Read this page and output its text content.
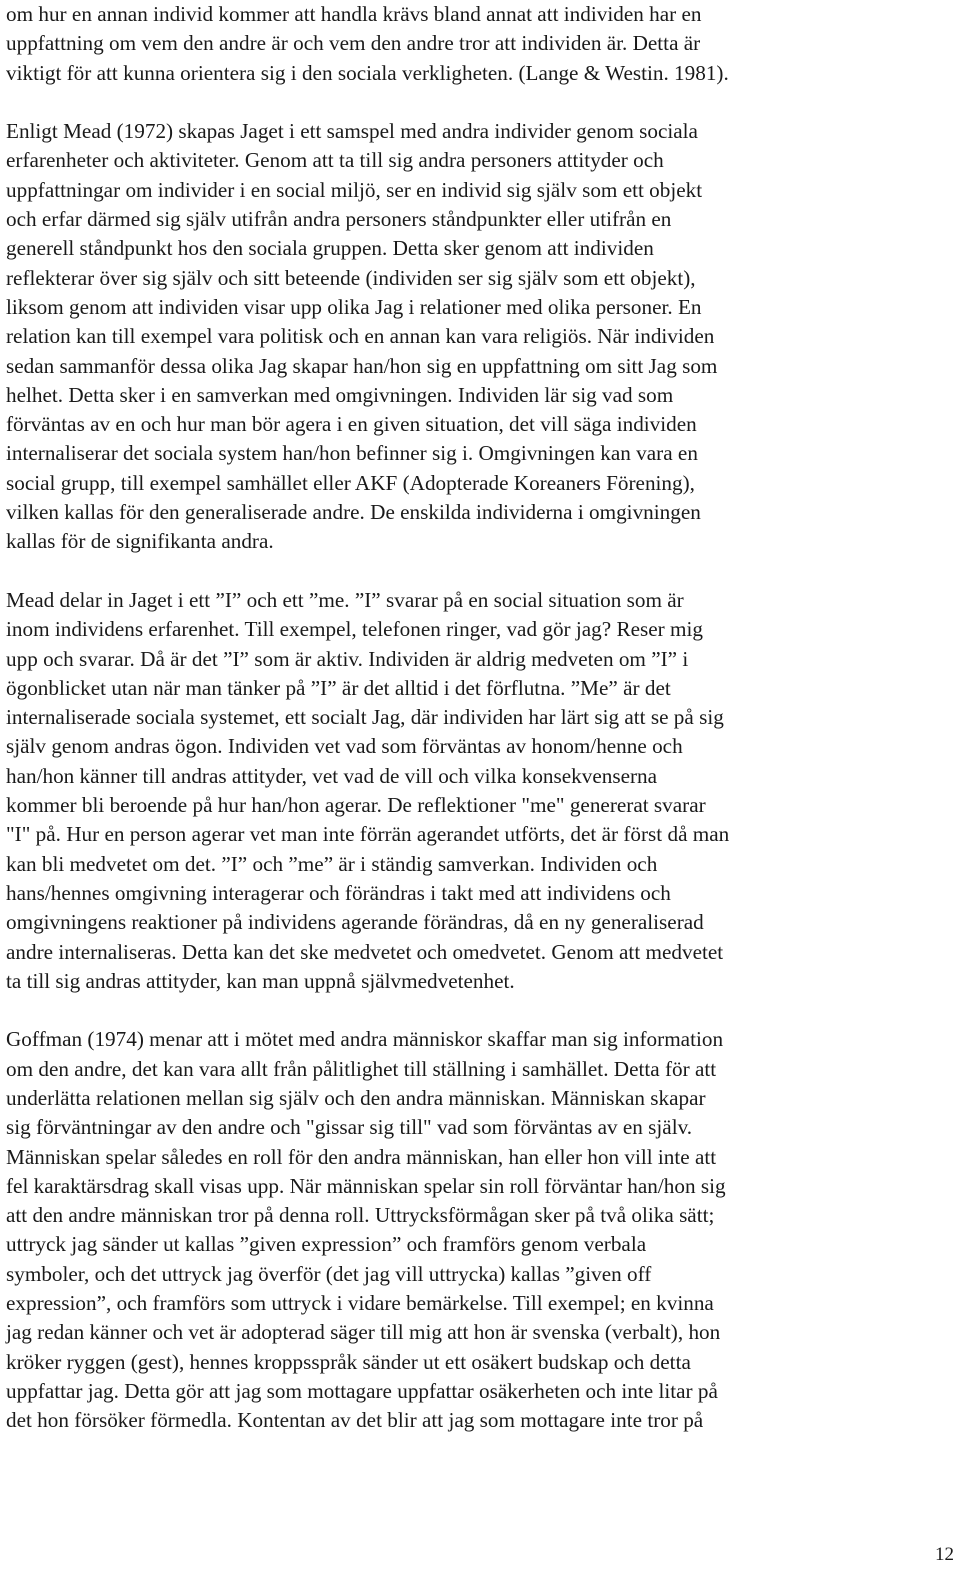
om hur en annan individ kommer att handla krävs bland annat att individen har en
uppfattning om vem den andre är och vem den andre tror att individen är. Detta är
viktigt för att kunna orientera sig i den sociala verkligheten. (Lange & Westin. 1981).
Enligt Mead (1972) skapas Jaget i ett samspel med andra individer genom sociala
erfarenheter och aktiviteter. Genom att ta till sig andra personers attityder och
uppfattningar om individer i en social miljö, ser en individ sig själv som ett objekt
och erfar därmed sig själv utifrån andra personers ståndpunkter eller utifrån en
generell ståndpunkt hos den sociala gruppen. Detta sker genom att individen
reflekterar över sig själv och sitt beteende (individen ser sig själv som ett objekt),
liksom genom att individen visar upp olika Jag i relationer med olika personer. En
relation kan till exempel vara politisk och en annan kan vara religiös. När individen
sedan sammanför dessa olika Jag skapar han/hon sig en uppfattning om sitt Jag som
helhet. Detta sker i en samverkan med omgivningen. Individen lär sig vad som
förväntas av en och hur man bör agera i en given situation, det vill säga individen
internaliserar det sociala system han/hon befinner sig i. Omgivningen kan vara en
social grupp, till exempel samhället eller AKF (Adopterade Koreaners Förening),
vilken kallas för den generaliserade andre. De enskilda individerna i omgivningen
kallas för de signifikanta andra.

Mead delar in Jaget i ett ”I” och ett ”me. ”I” svarar på en social situation som är
inom individens erfarenhet. Till exempel, telefonen ringer, vad gör jag? Reser mig
upp och svarar. Då är det ”I” som är aktiv. Individen är aldrig medveten om ”I” i
ögonblicket utan när man tänker på ”I” är det alltid i det förflutna. ”Me” är det
internaliserade sociala systemet, ett socialt Jag, där individen har lärt sig att se på sig
själv genom andras ögon. Individen vet vad som förväntas av honom/henne och
han/hon känner till andras attityder, vet vad de vill och vilka konsekvenserna
kommer bli beroende på hur han/hon agerar. De reflektioner "me" genererat svarar
"I" på. Hur en person agerar vet man inte förrän agerandet utförts, det är först då man
kan bli medvetet om det. ”I” och ”me” är i ständig samverkan. Individen och
hans/hennes omgivning interagerar och förändras i takt med att individens och
omgivningens reaktioner på individens agerande förändras, då en ny generaliserad
andre internaliseras. Detta kan det ske medvetet och omedvetet. Genom att medvetet
ta till sig andras attityder, kan man uppnå självmedvetenhet.

Goffman (1974) menar att i mötet med andra människor skaffar man sig information
om den andre, det kan vara allt från pålitlighet till ställning i samhället. Detta för att
underlätta relationen mellan sig själv och den andra människan. Människan skapar
sig förväntningar av den andre och "gissar sig till" vad som förväntas av en själv.
Människan spelar således en roll för den andra människan, han eller hon vill inte att
fel karaktärsdrag skall visas upp. När människan spelar sin roll förväntar han/hon sig
att den andre människan tror på denna roll. Uttrycksförmågan sker på två olika sätt;
uttryck jag sänder ut kallas ”given expression” och framförs genom verbala
symboler, och det uttryck jag överför (det jag vill uttrycka) kallas ”given off
expression”, och framförs som uttryck i vidare bemärkelse. Till exempel; en kvinna
jag redan känner och vet är adopterad säger till mig att hon är svenska (verbalt), hon
kröker ryggen (gest), hennes kroppsspråk sänder ut ett osäkert budskap och detta
uppfattar jag. Detta gör att jag som mottagare uppfattar osäkerheten och inte litar på
det hon försöker förmedla. Kontentan av det blir att jag som mottagare inte tror på

12
